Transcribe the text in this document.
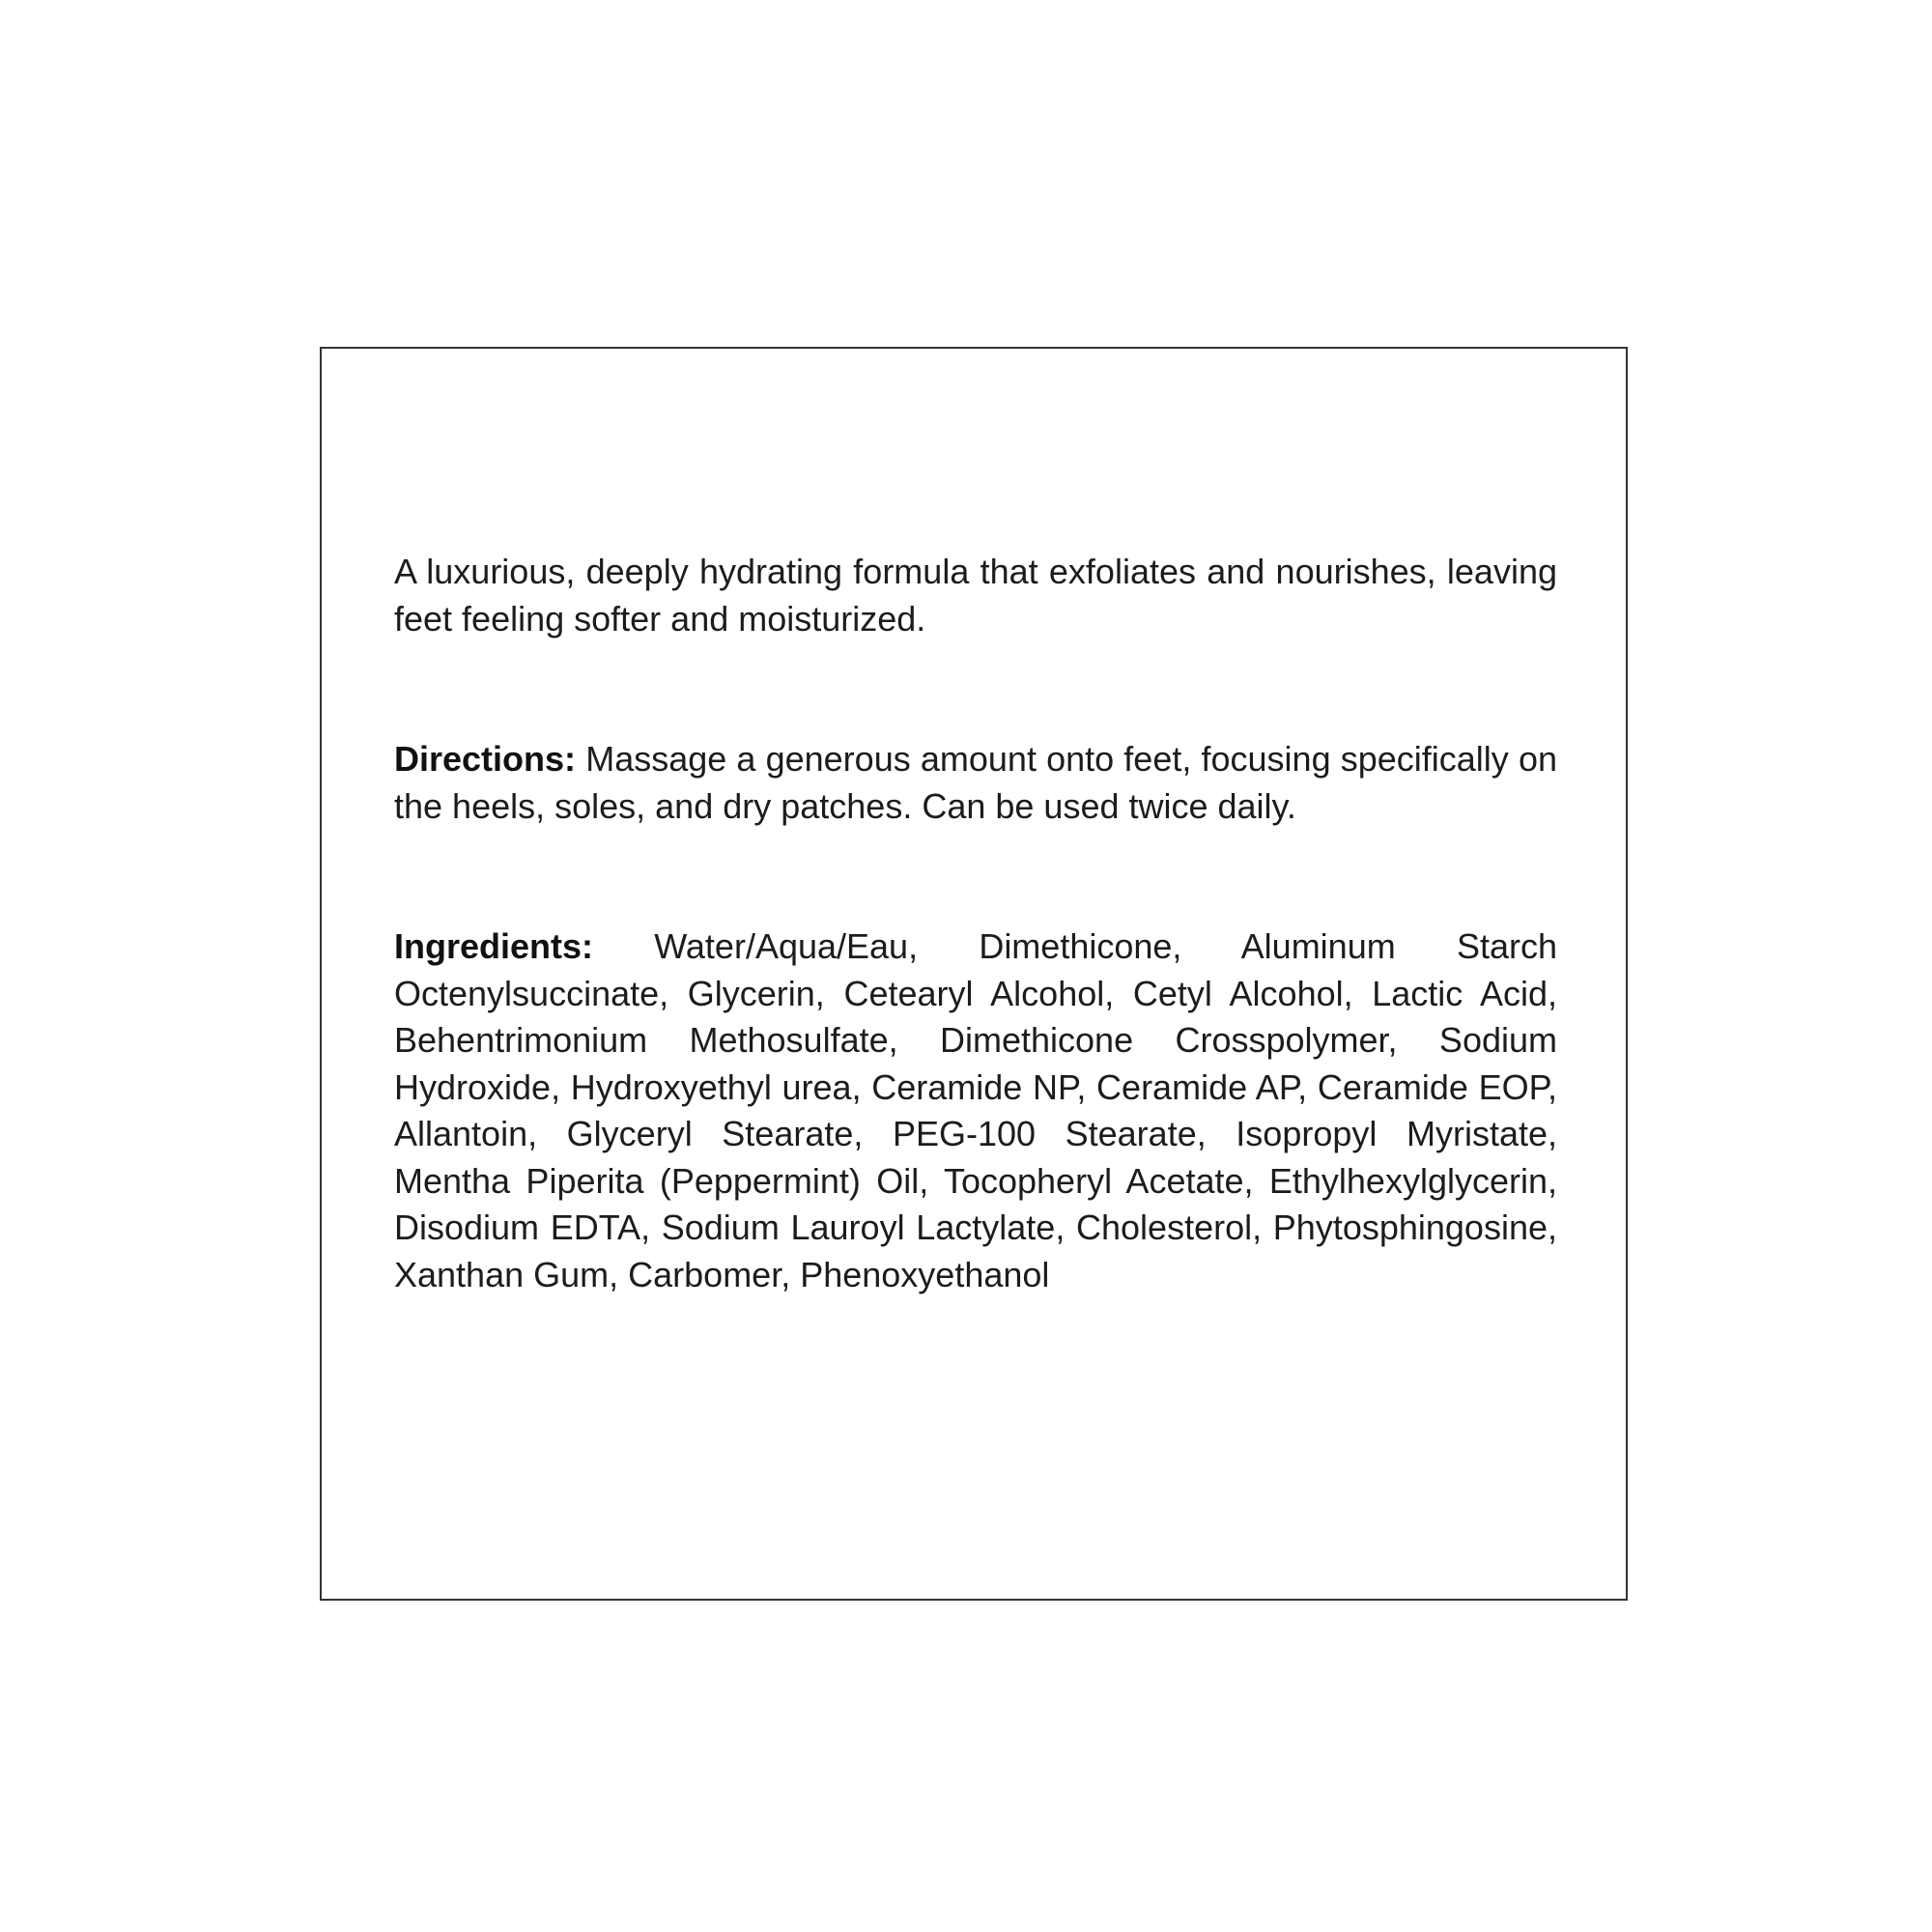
A luxurious, deeply hydrating formula that exfoliates and nourishes, leaving feet feeling softer and moisturized.

Directions: Massage a generous amount onto feet, focusing specifically on the heels, soles, and dry patches. Can be used twice daily.

Ingredients: Water/Aqua/Eau, Dimethicone, Aluminum Starch Octenylsuccinate, Glycerin, Cetearyl Alcohol, Cetyl Alcohol, Lactic Acid, Behentrimonium Methosulfate, Dimethicone Crosspolymer, Sodium Hydroxide, Hydroxyethyl urea, Ceramide NP, Ceramide AP, Ceramide EOP, Allantoin, Glyceryl Stearate, PEG-100 Stearate, Isopropyl Myristate, Mentha Piperita (Peppermint) Oil, Tocopheryl Acetate, Ethylhexylglycerin, Disodium EDTA, Sodium Lauroyl Lactylate, Cholesterol, Phytosphingosine, Xanthan Gum, Carbomer, Phenoxyethanol
